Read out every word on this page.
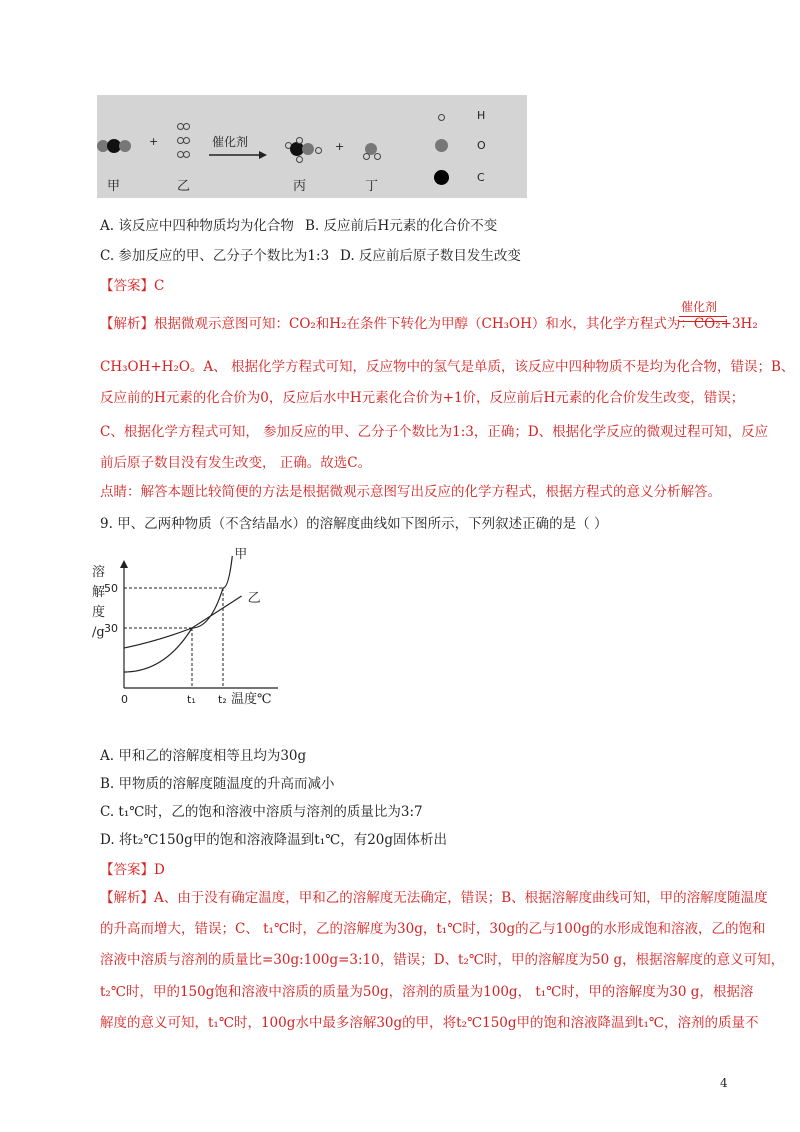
甲
+
乙
催化剂
丙
+
丁
H
O
C
A. 该反应中四种物质均为化合物 B. 反应前后H元素的化合价不变
C. 参加反应的甲、乙分子个数比为1:3 D. 反应前后原子数目发生改变
【答案】C
【解析】根据微观示意图可知：CO₂和H₂在条件下转化为甲醇（CH₃OH）和水，其化学方程式为：CO₂+3H₂
催化剂
CH₃OH+H₂O。A、 根据化学方程式可知，反应物中的氢气是单质，该反应中四种物质不是均为化合物，错误；B、
反应前的H元素的化合价为0，反应后水中H元素化合价为+1价，反应前后H元素的化合价发生改变，错误；
C、根据化学方程式可知， 参加反应的甲、乙分子个数比为1:3，正确；D、根据化学反应的微观过程可知，反应
前后原子数目没有发生改变， 正确。故选C。
点睛：解答本题比较简便的方法是根据微观示意图写出反应的化学方程式，根据方程式的意义分析解答。
9. 甲、乙两种物质（不含结晶水）的溶解度曲线如下图所示，下列叙述正确的是（ ）
甲
乙
溶
解
度
/g 30
50
0	t₁ t₂ 温度℃
A. 甲和乙的溶解度相等且均为30g
B. 甲物质的溶解度随温度的升高而减小
C. t₁℃时，乙的饱和溶液中溶质与溶剂的质量比为3:7
D. 将t₂℃150g甲的饱和溶液降温到t₁℃，有20g固体析出
【答案】D
【解析】A、由于没有确定温度，甲和乙的溶解度无法确定，错误；B、根据溶解度曲线可知，甲的溶解度随温度
的升高而增大，错误；C、 t₁℃时，乙的溶解度为30g，t₁℃时，30g的乙与100g的水形成饱和溶液，乙的饱和
溶液中溶质与溶剂的质量比=30g:100g=3:10，错误；D、t₂℃时，甲的溶解度为50 g，根据溶解度的意义可知，
t₂℃时，甲的150g饱和溶液中溶质的质量为50g，溶剂的质量为100g， t₁℃时，甲的溶解度为30 g，根据溶
解度的意义可知，t₁℃时，100g水中最多溶解30g的甲，将t₂℃150g甲的饱和溶液降温到t₁℃，溶剂的质量不
4
